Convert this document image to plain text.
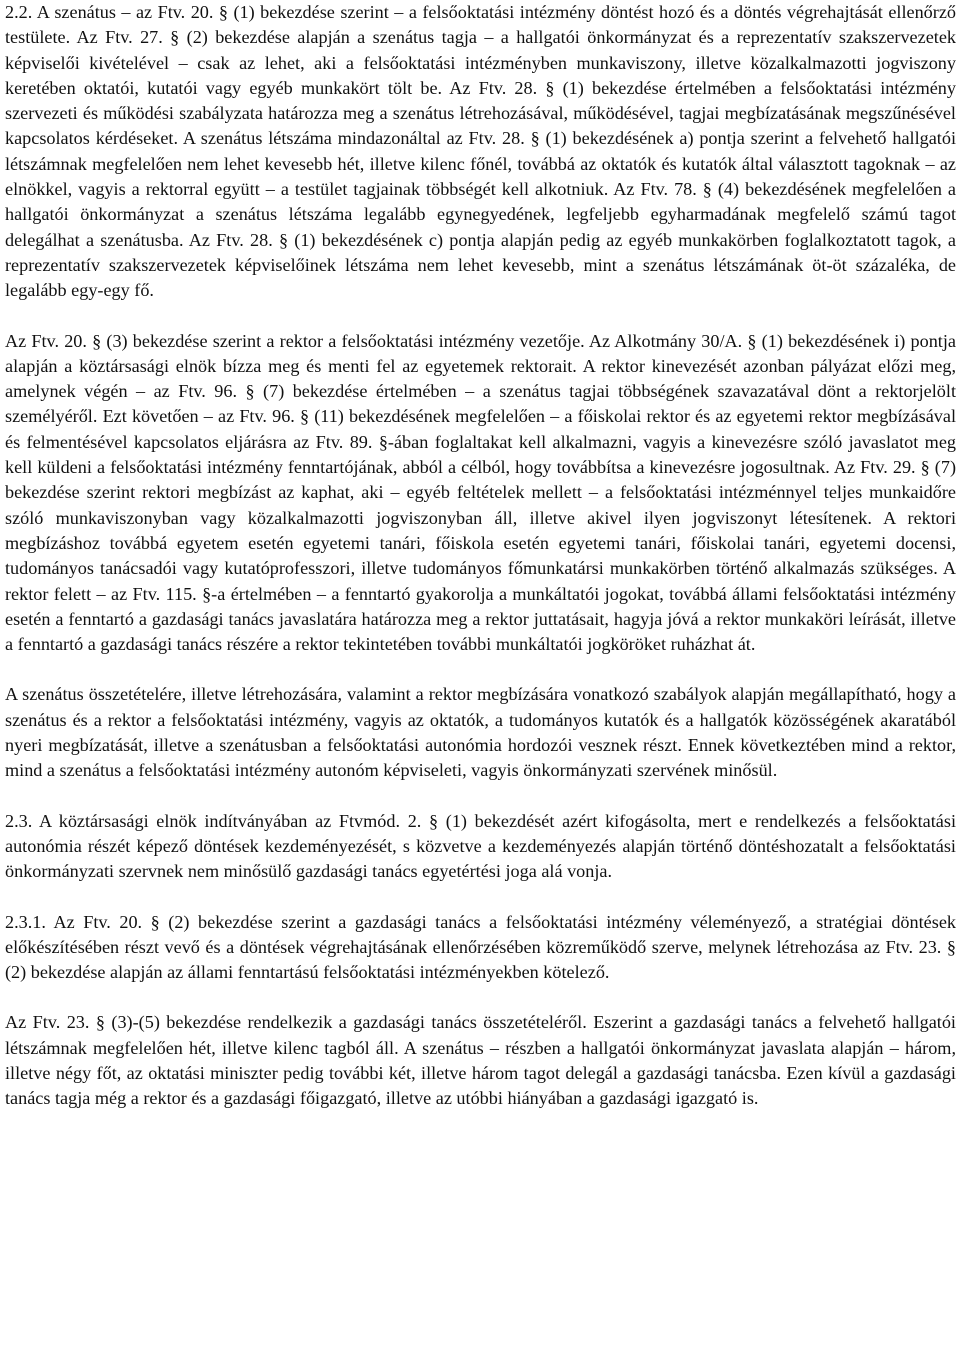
2.2. A szenátus – az Ftv. 20. § (1) bekezdése szerint – a felsőoktatási intézmény döntést hozó és a döntés végrehajtását ellenőrző testülete. Az Ftv. 27. § (2) bekezdése alapján a szenátus tagja – a hallgatói önkormányzat és a reprezentatív szakszervezetek képviselői kivételével – csak az lehet, aki a felsőoktatási intézményben munkaviszony, illetve közalkalmazotti jogviszony keretében oktatói, kutatói vagy egyéb munkakört tölt be. Az Ftv. 28. § (1) bekezdése értelmében a felsőoktatási intézmény szervezeti és működési szabályzata határozza meg a szenátus létrehozásával, működésével, tagjai megbízatásának megszűnésével kapcsolatos kérdéseket. A szenátus létszáma mindazonáltal az Ftv. 28. § (1) bekezdésének a) pontja szerint a felvehető hallgatói létszámnak megfelelően nem lehet kevesebb hét, illetve kilenc főnél, továbbá az oktatók és kutatók által választott tagoknak – az elnökkel, vagyis a rektorral együtt – a testület tagjainak többségét kell alkotniuk. Az Ftv. 78. § (4) bekezdésének megfelelően a hallgatói önkormányzat a szenátus létszáma legalább egynegyedének, legfeljebb egyharmadának megfelelő számú tagot delegálhat a szenátusba. Az Ftv. 28. § (1) bekezdésének c) pontja alapján pedig az egyéb munkakörben foglalkoztatott tagok, a reprezentatív szakszervezetek képviselőinek létszáma nem lehet kevesebb, mint a szenátus létszámának öt-öt százaléka, de legalább egy-egy fő.

Az Ftv. 20. § (3) bekezdése szerint a rektor a felsőoktatási intézmény vezetője. Az Alkotmány 30/A. § (1) bekezdésének i) pontja alapján a köztársasági elnök bízza meg és menti fel az egyetemek rektorait. A rektor kinevezését azonban pályázat előzi meg, amelynek végén – az Ftv. 96. § (7) bekezdése értelmében – a szenátus tagjai többségének szavazatával dönt a rektorjelölt személyéről. Ezt követően – az Ftv. 96. § (11) bekezdésének megfelelően – a főiskolai rektor és az egyetemi rektor megbízásával és felmentésével kapcsolatos eljárásra az Ftv. 89. §-ában foglaltakat kell alkalmazni, vagyis a kinevezésre szóló javaslatot meg kell küldeni a felsőoktatási intézmény fenntartójának, abból a célból, hogy továbbítsa a kinevezésre jogosultnak. Az Ftv. 29. § (7) bekezdése szerint rektori megbízást az kaphat, aki – egyéb feltételek mellett – a felsőoktatási intézménnyel teljes munkaidőre szóló munkaviszonyban vagy közalkalmazotti jogviszonyban áll, illetve akivel ilyen jogviszonyt létesítenek. A rektori megbízáshoz továbbá egyetem esetén egyetemi tanári, főiskola esetén egyetemi tanári, főiskolai tanári, egyetemi docensi, tudományos tanácsadói vagy kutatóprofesszori, illetve tudományos főmunkatársi munkakörben történő alkalmazás szükséges. A rektor felett – az Ftv. 115. §-a értelmében – a fenntartó gyakorolja a munkáltatói jogokat, továbbá állami felsőoktatási intézmény esetén a fenntartó a gazdasági tanács javaslatára határozza meg a rektor juttatásait, hagyja jóvá a rektor munkaköri leírását, illetve a fenntartó a gazdasági tanács részére a rektor tekintetében további munkáltatói jogköröket ruházhat át.

A szenátus összetételére, illetve létrehozására, valamint a rektor megbízására vonatkozó szabályok alapján megállapítható, hogy a szenátus és a rektor a felsőoktatási intézmény, vagyis az oktatók, a tudományos kutatók és a hallgatók közösségének akaratából nyeri megbízatását, illetve a szenátusban a felsőoktatási autonómia hordozói vesznek részt. Ennek következtében mind a rektor, mind a szenátus a felsőoktatási intézmény autonóm képviseleti, vagyis önkormányzati szervének minősül.

2.3. A köztársasági elnök indítványában az Ftvmód. 2. § (1) bekezdését azért kifogásolta, mert e rendelkezés a felsőoktatási autonómia részét képező döntések kezdeményezését, s közvetve a kezdeményezés alapján történő döntéshozatalt a felsőoktatási önkormányzati szervnek nem minősülő gazdasági tanács egyetértési joga alá vonja.

2.3.1. Az Ftv. 20. § (2) bekezdése szerint a gazdasági tanács a felsőoktatási intézmény véleményező, a stratégiai döntések előkészítésében részt vevő és a döntések végrehajtásának ellenőrzésében közreműködő szerve, melynek létrehozása az Ftv. 23. § (2) bekezdése alapján az állami fenntartású felsőoktatási intézményekben kötelező.

Az Ftv. 23. § (3)-(5) bekezdése rendelkezik a gazdasági tanács összetételéről. Eszerint a gazdasági tanács a felvehető hallgatói létszámnak megfelelően hét, illetve kilenc tagból áll. A szenátus – részben a hallgatói önkormányzat javaslata alapján – három, illetve négy főt, az oktatási miniszter pedig további két, illetve három tagot delegál a gazdasági tanácsba. Ezen kívül a gazdasági tanács tagja még a rektor és a gazdasági főigazgató, illetve az utóbbi hiányában a gazdasági igazgató is.
